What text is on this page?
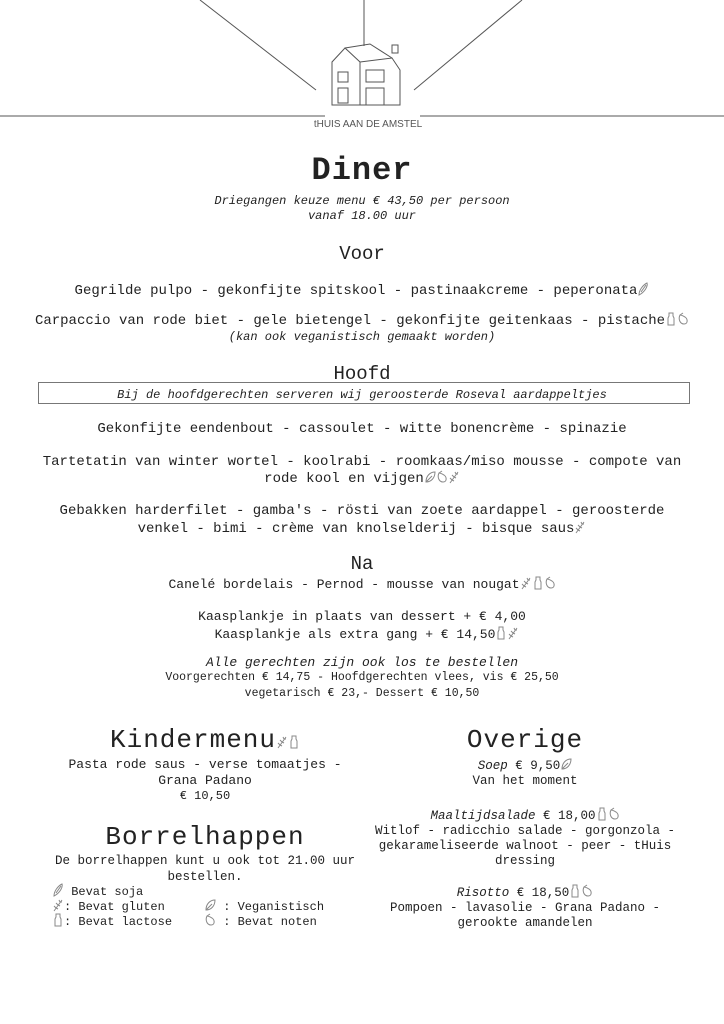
tHUIS AAN DE AMSTEL
Diner
Driegangen keuze menu € 43,50 per persoon
vanaf 18.00 uur
Voor
Gegrilde pulpo - gekonfijte spitskool - pastinaakcreme - peperonata
Carpaccio van rode biet - gele bietengel - gekonfijte geitenkaas - pistache
(kan ook veganistisch gemaakt worden)
Hoofd
Bij de hoofdgerechten serveren wij geroosterde Roseval aardappeltjes
Gekonfijte eendenbout - cassoulet - witte bonencrème - spinazie
Tartetatin van winter wortel - koolrabi - roomkaas/miso mousse - compote van
rode kool en vijgen
Gebakken harderfilet - gamba's - rösti van zoete aardappel - geroosterde
venkel - bimi - crème van knolselderij - bisque saus
Na
Canelé bordelais - Pernod - mousse van nougat
Kaasplankje in plaats van dessert + € 4,00
Kaasplankje als extra gang + € 14,50
Alle gerechten zijn ook los te bestellen
Voorgerechten € 14,75 - Hoofdgerechten vlees, vis € 25,50
vegetarisch € 23,- Dessert € 10,50
Kindermenu
Pasta rode saus - verse tomaatjes -
Grana Padano
€ 10,50
Borrelhappen
De borrelhappen kunt u ook tot 21.00 uur
bestellen.
Bevat soja
: Bevat gluten
: Bevat lactose
: Veganistisch
: Bevat noten
Overige
Soep € 9,50
Van het moment
Maaltijdsalade € 18,00
Witlof - radicchio salade - gorgonzola -
gekarameliseerde walnoot - peer - tHuis
dressing
Risotto € 18,50
Pompoen - lavasolie - Grana Padano -
gerookte amandelen
